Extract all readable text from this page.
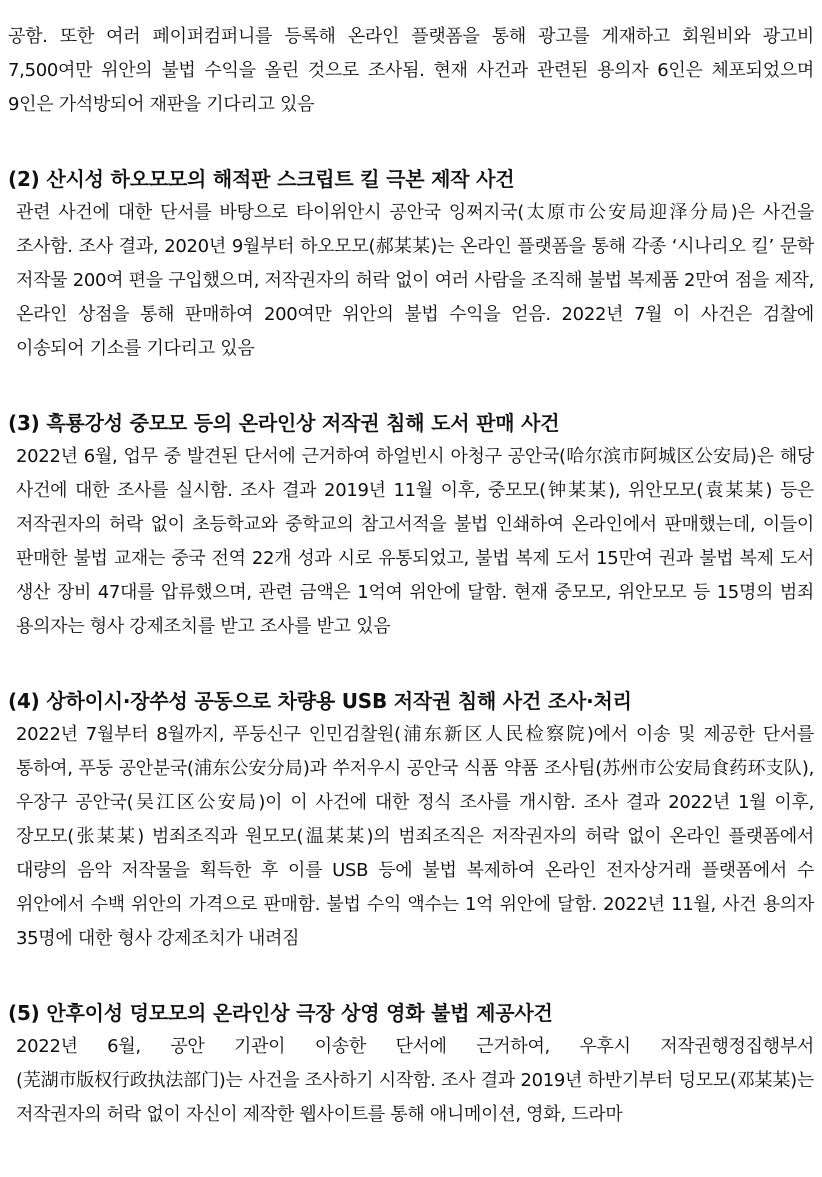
공함. 또한 여러 페이퍼컴퍼니를 등록해 온라인 플랫폼을 통해 광고를 게재하고 회원비와 광고비 7,500여만 위안의 불법 수익을 올린 것으로 조사됨. 현재 사건과 관련된 용의자 6인은 체포되었으며 9인은 가석방되어 재판을 기다리고 있음

(2) 산시성 하오모모의 해적판 스크립트 킬 극본 제작 사건

관련 사건에 대한 단서를 바탕으로 타이위안시 공안국 잉쩌지국(太原市公安局迎泽分局)은 사건을 조사함. 조사 결과, 2020년 9월부터 하오모모(郝某某)는 온라인 플랫폼을 통해 각종 ‘시나리오 킬’ 문학 저작물 200여 편을 구입했으며, 저작권자의 허락 없이 여러 사람을 조직해 불법 복제품 2만여 점을 제작, 온라인 상점을 통해 판매하여 200여만 위안의 불법 수익을 얻음. 2022년 7월 이 사건은 검찰에 이송되어 기소를 기다리고 있음

(3) 흑룡강성 중모모 등의 온라인상 저작권 침해 도서 판매 사건

2022년 6월, 업무 중 발견된 단서에 근거하여 하얼빈시 아청구 공안국(哈尔滨市阿城区公安局)은 해당 사건에 대한 조사를 실시함. 조사 결과 2019년 11월 이후, 중모모(钟某某), 위안모모(袁某某) 등은 저작권자의 허락 없이 초등학교와 중학교의 참고서적을 불법 인쇄하여 온라인에서 판매했는데, 이들이 판매한 불법 교재는 중국 전역 22개 성과 시로 유통되었고, 불법 복제 도서 15만여 권과 불법 복제 도서 생산 장비 47대를 압류했으며, 관련 금액은 1억여 위안에 달함. 현재 중모모, 위안모모 등 15명의 범죄 용의자는 형사 강제조치를 받고 조사를 받고 있음

(4) 상하이시·장쑤성 공동으로 차량용 USB 저작권 침해 사건 조사·처리

2022년 7월부터 8월까지, 푸둥신구 인민검찰원(浦东新区人民检察院)에서 이송 및 제공한 단서를 통하여, 푸둥 공안분국(浦东公安分局)과 쑤저우시 공안국 식품 약품 조사팀(苏州市公安局食药环支队), 우장구 공안국(吴江区公安局)이 이 사건에 대한 정식 조사를 개시함. 조사 결과 2022년 1월 이후, 장모모(张某某) 범죄조직과 원모모(温某某)의 범죄조직은 저작권자의 허락 없이 온라인 플랫폼에서 대량의 음악 저작물을 획득한 후 이를 USB 등에 불법 복제하여 온라인 전자상거래 플랫폼에서 수 위안에서 수백 위안의 가격으로 판매함. 불법 수익 액수는 1억 위안에 달함. 2022년 11월, 사건 용의자 35명에 대한 형사 강제조치가 내려짐

(5) 안후이성 덩모모의 온라인상 극장 상영 영화 불법 제공사건

2022년 6월, 공안 기관이 이송한 단서에 근거하여, 우후시 저작권행정집행부서(芜湖市版权行政执法部门)는 사건을 조사하기 시작함. 조사 결과 2019년 하반기부터 덩모모(邓某某)는 저작권자의 허락 없이 자신이 제작한 웹사이트를 통해 애니메이션, 영화, 드라마
